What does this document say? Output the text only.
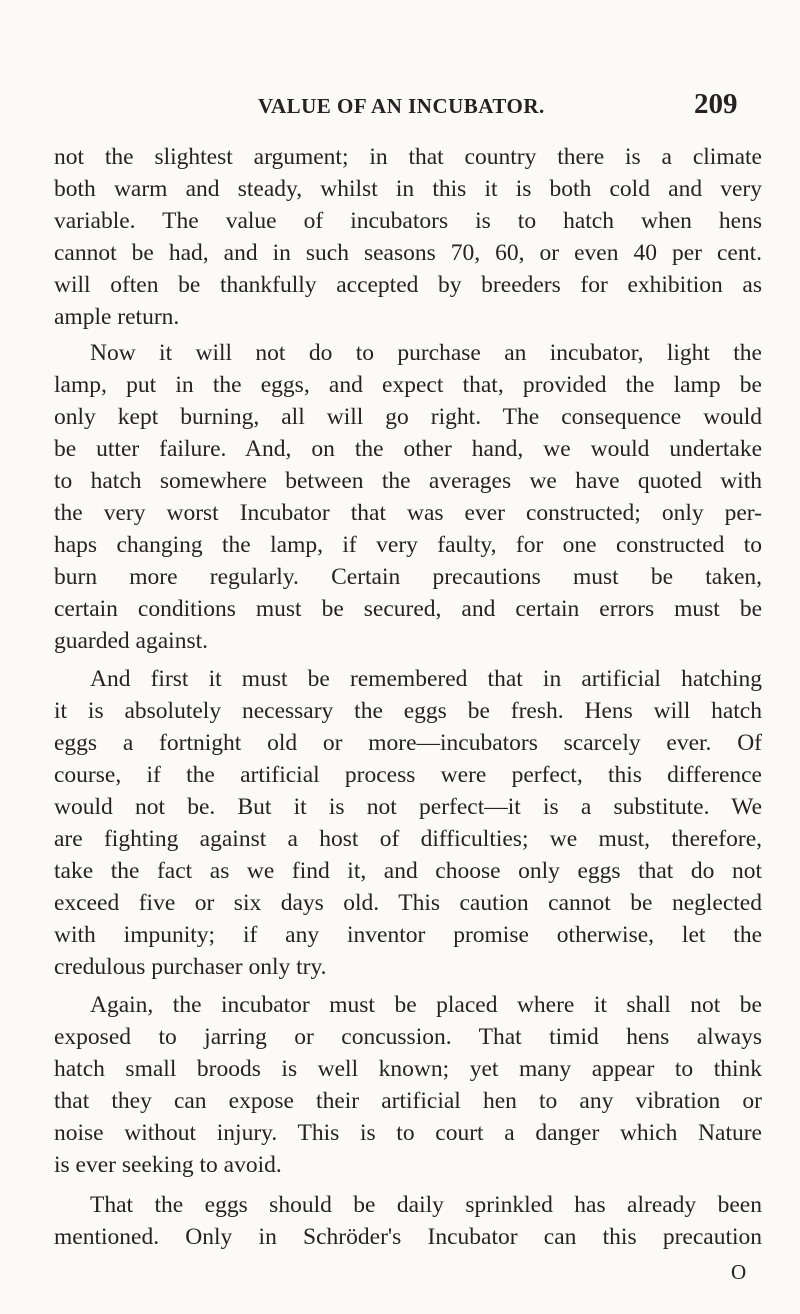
VALUE OF AN INCUBATOR.	209
not the slightest argument; in that country there is a climate
both warm and steady, whilst in this it is both cold and very
variable. The value of incubators is to hatch when hens
cannot be had, and in such seasons 70, 60, or even 40 per cent.
will often be thankfully accepted by breeders for exhibition as
ample return.
Now it will not do to purchase an incubator, light the
lamp, put in the eggs, and expect that, provided the lamp be
only kept burning, all will go right. The consequence would
be utter failure. And, on the other hand, we would undertake
to hatch somewhere between the averages we have quoted with
the very worst Incubator that was ever constructed; only per-
haps changing the lamp, if very faulty, for one constructed to
burn more regularly. Certain precautions must be taken,
certain conditions must be secured, and certain errors must be
guarded against.
And first it must be remembered that in artificial hatching
it is absolutely necessary the eggs be fresh. Hens will hatch
eggs a fortnight old or more—incubators scarcely ever. Of
course, if the artificial process were perfect, this difference
would not be. But it is not perfect—it is a substitute. We
are fighting against a host of difficulties; we must, therefore,
take the fact as we find it, and choose only eggs that do not
exceed five or six days old. This caution cannot be neglected
with impunity; if any inventor promise otherwise, let the
credulous purchaser only try.
Again, the incubator must be placed where it shall not be
exposed to jarring or concussion. That timid hens always
hatch small broods is well known; yet many appear to think
that they can expose their artificial hen to any vibration or
noise without injury. This is to court a danger which Nature
is ever seeking to avoid.
That the eggs should be daily sprinkled has already been
mentioned. Only in Schröder's Incubator can this precaution
O
